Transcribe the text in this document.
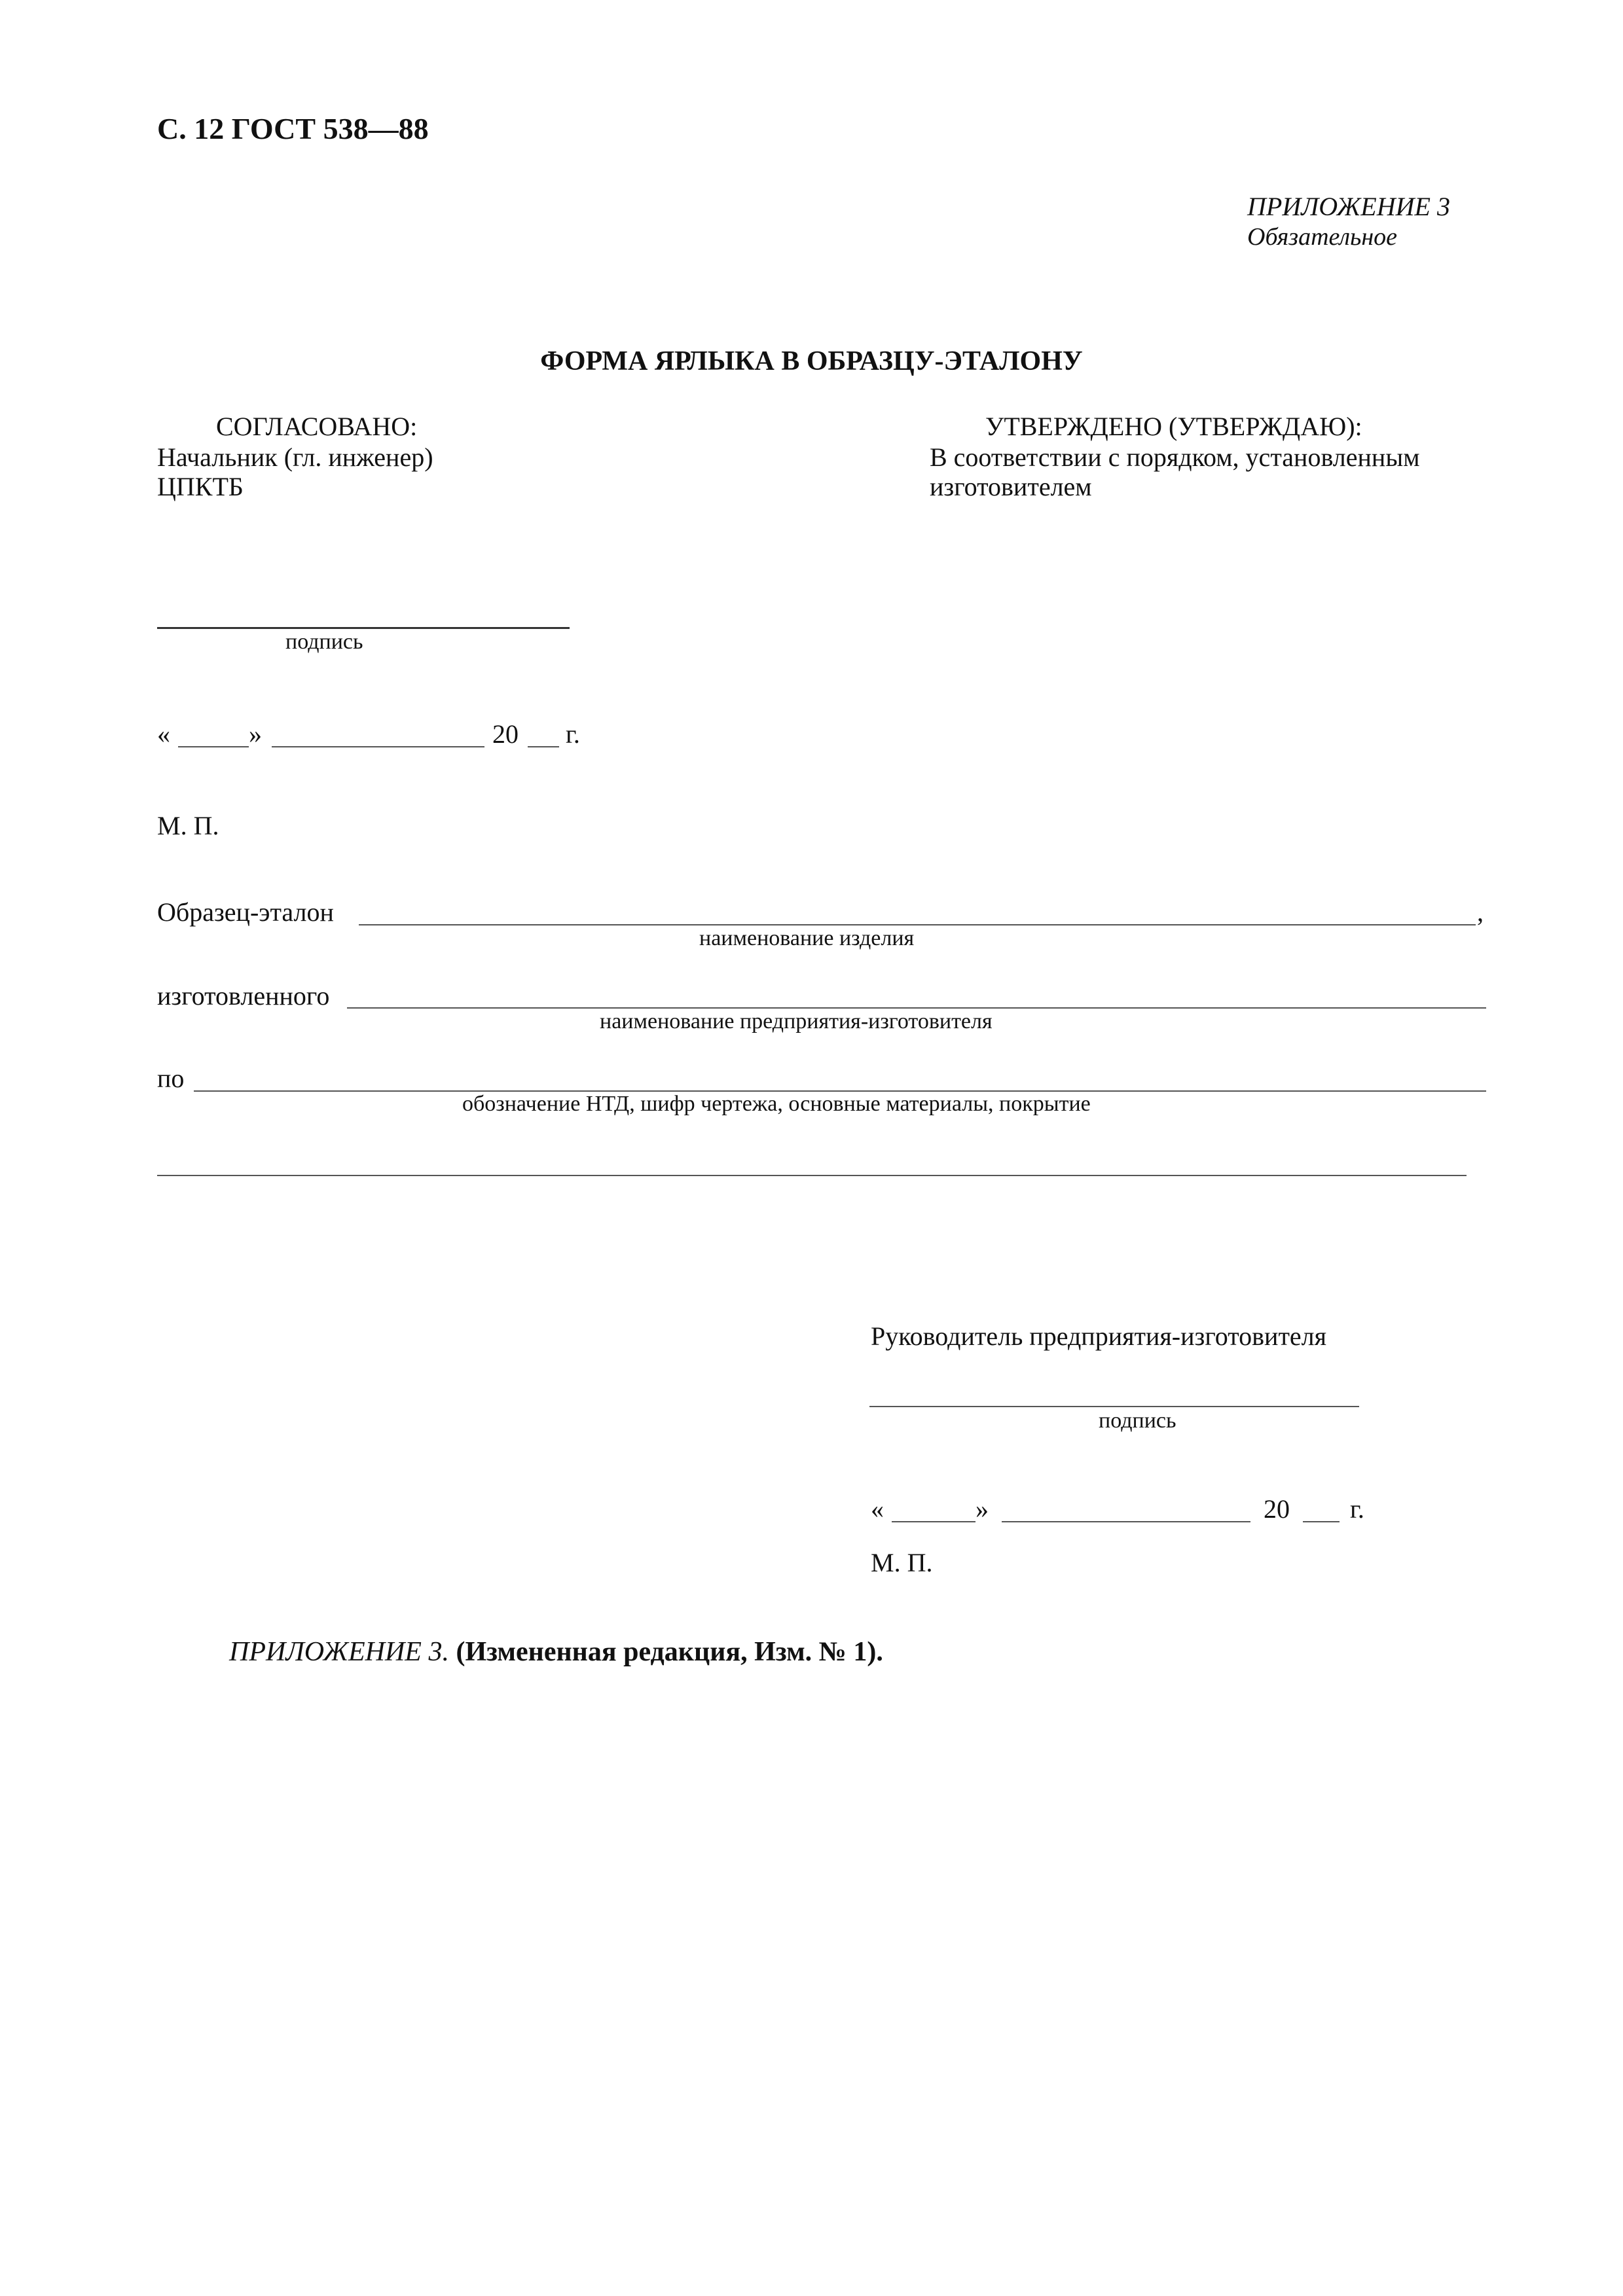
С. 12 ГОСТ 538—88
ПРИЛОЖЕНИЕ 3
Обязательное
ФОРМА ЯРЛЫКА В ОБРАЗЦУ-ЭТАЛОНУ
СОГЛАСОВАНО:
Начальник (гл. инженер)
ЦПКТБ
УТВЕРЖДЕНО (УТВЕРЖДАЮ):
В соответствии с порядком, установленным
изготовителем
подпись
«	»	20 г.
М. П.
Образец-эталон	,
наименование изделия
изготовленного
наименование предприятия-изготовителя
по
обозначение НТД, шифр чертежа, основные материалы, покрытие
Руководитель предприятия-изготовителя
подпись
«	»	20 г.
М. П.
ПРИЛОЖЕНИЕ 3. (Измененная редакция, Изм. № 1).
